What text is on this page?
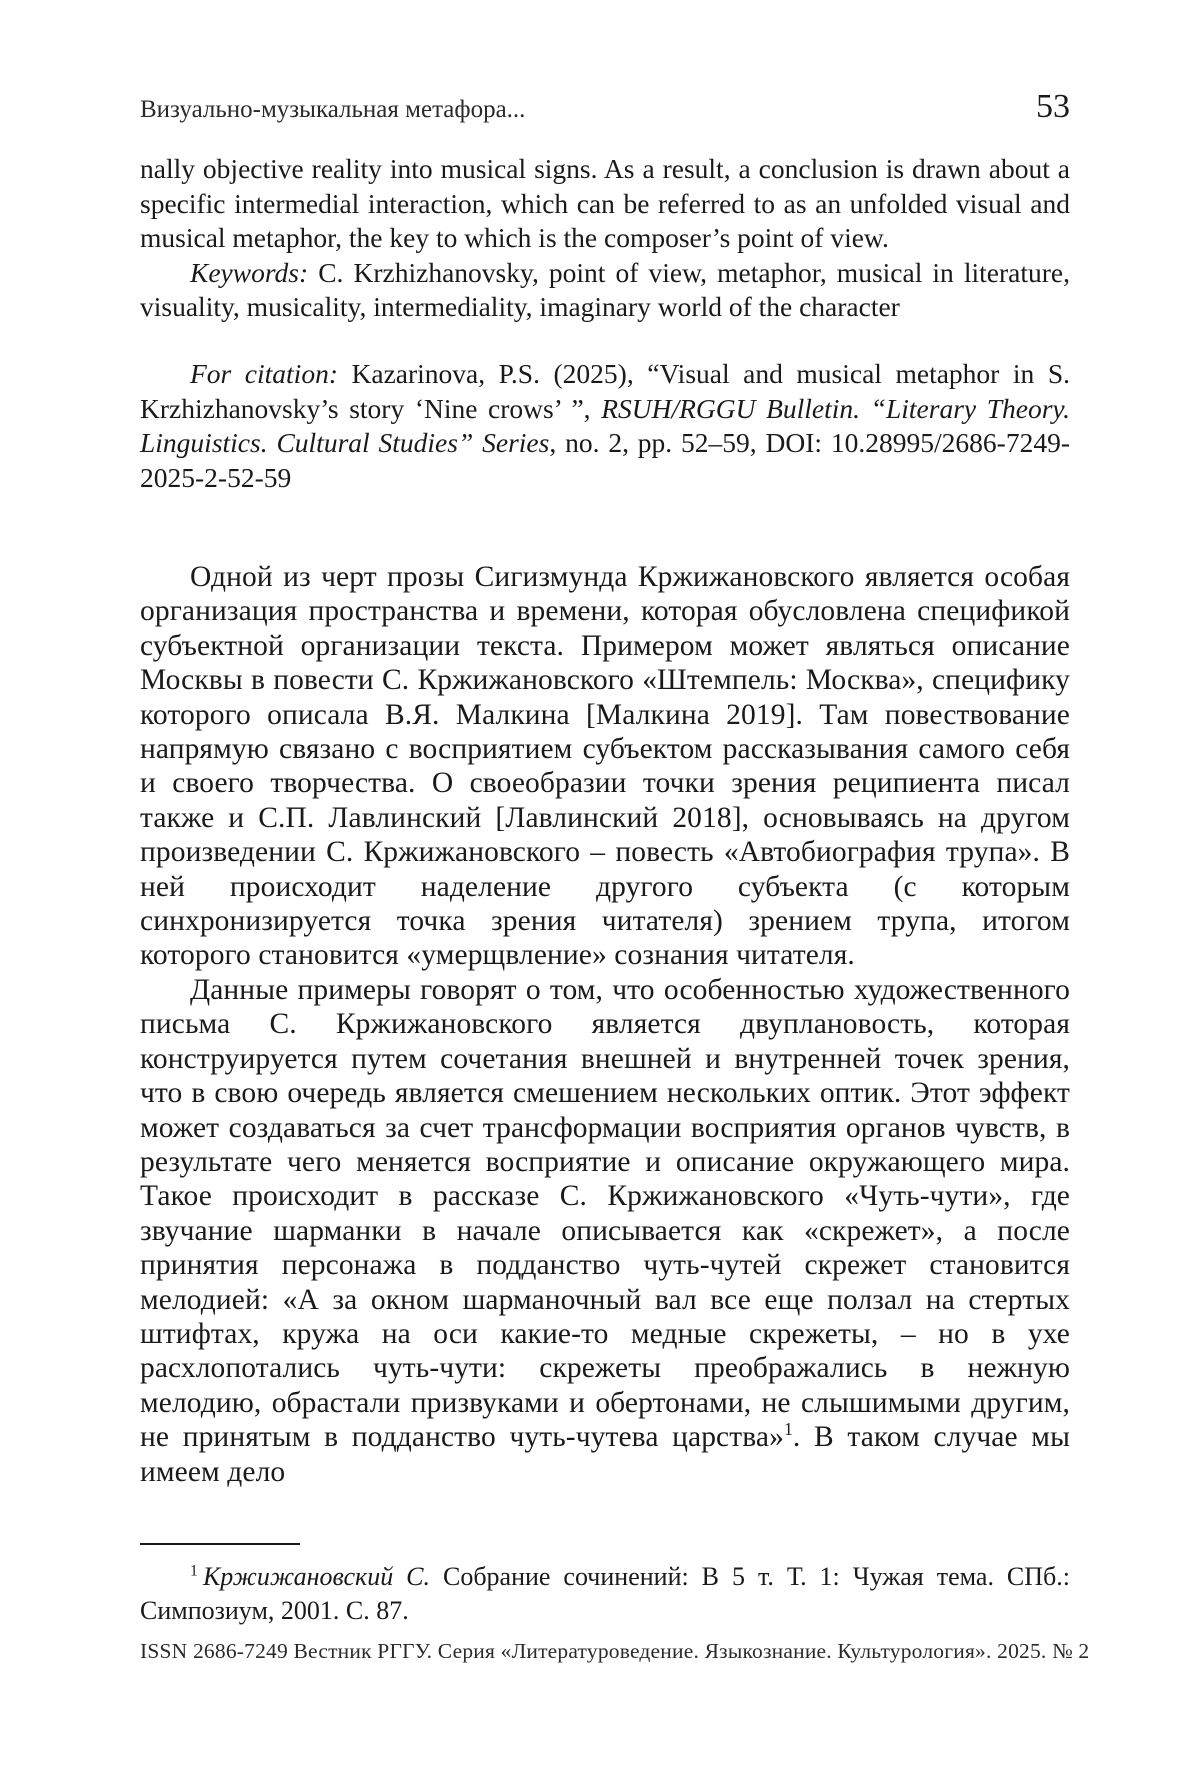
Визуально-музыкальная метафора...	53

nally objective reality into musical signs. As a result, a conclusion is drawn about a specific intermedial interaction, which can be referred to as an unfolded visual and musical metaphor, the key to which is the composer’s point of view.

Keywords: C. Krzhizhanovsky, point of view, metaphor, musical in literature, visuality, musicality, intermediality, imaginary world of the character

For citation: Kazarinova, P.S. (2025), “Visual and musical metaphor in S. Krzhizhanovsky’s story ‘Nine crows’ ”, RSUH/RGGU Bulletin. “Literary Theory. Linguistics. Cultural Studies” Series, no. 2, pp. 52–59, DOI: 10.28995/2686-7249-2025-2-52-59

Одной из черт прозы Сигизмунда Кржижановского является особая организация пространства и времени, которая обусловлена спецификой субъектной организации текста. Примером может являться описание Москвы в повести С. Кржижановского «Штемпель: Москва», специфику которого описала В.Я. Малкина [Малкина 2019]. Там повествование напрямую связано с восприятием субъектом рассказывания самого себя и своего творчества. О своеобразии точки зрения реципиента писал также и С.П. Лавлинский [Лавлинский 2018], основываясь на другом произведении С. Кржижановского – повесть «Автобиография трупа». В ней происходит наделение другого субъекта (с которым синхронизируется точка зрения читателя) зрением трупа, итогом которого становится «умерщвление» сознания читателя.

Данные примеры говорят о том, что особенностью художественного письма С. Кржижановского является двуплановость, которая конструируется путем сочетания внешней и внутренней точек зрения, что в свою очередь является смешением нескольких оптик. Этот эффект может создаваться за счет трансформации восприятия органов чувств, в результате чего меняется восприятие и описание окружающего мира. Такое происходит в рассказе С. Кржижановского «Чуть-чути», где звучание шарманки в начале описывается как «скрежет», а после принятия персонажа в подданство чуть-чутей скрежет становится мелодией: «А за окном шарманочный вал все еще ползал на стертых штифтах, кружа на оси какие-то медные скрежеты, – но в ухе расхлопотались чуть-чути: скрежеты преображались в нежную мелодию, обрастали призвуками и обертонами, не слышимыми другим, не принятым в подданство чуть-чутева царства»1. В таком случае мы имеем дело

1  Кржижановский С. Собрание сочинений: В 5 т. Т. 1: Чужая тема. СПб.: Симпозиум, 2001. С. 87.

ISSN 2686-7249 Вестник РГГУ. Серия «Литературоведение. Языкознание. Культурология». 2025. № 2
